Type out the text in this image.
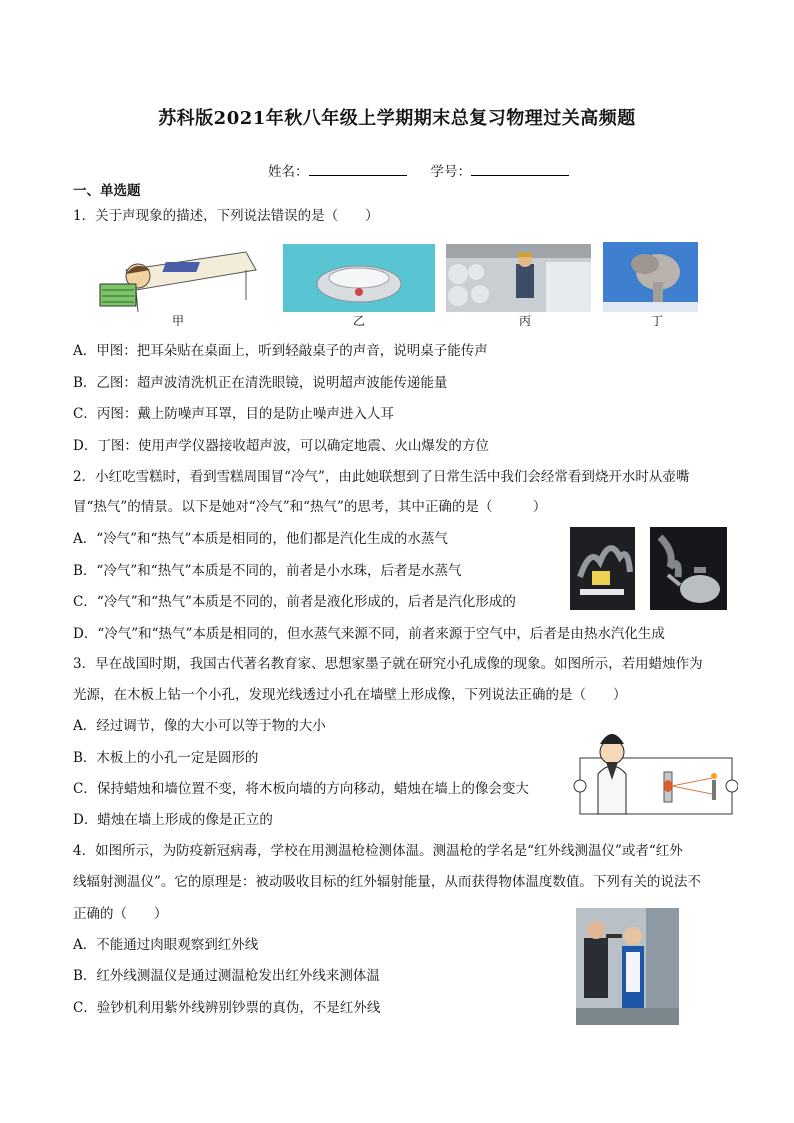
苏科版2021年秋八年级上学期期末总复习物理过关高频题
姓名：	学号：
一、单选题
1．关于声现象的描述，下列说法错误的是（　　）
甲	乙	丙	丁
A．甲图：把耳朵贴在桌面上，听到轻敲桌子的声音，说明桌子能传声
B．乙图：超声波清洗机正在清洗眼镜，说明超声波能传递能量
C．丙图：戴上防噪声耳罩，目的是防止噪声进入人耳
D．丁图：使用声学仪器接收超声波，可以确定地震、火山爆发的方位
2．小红吃雪糕时，看到雪糕周围冒“冷气”，由此她联想到了日常生活中我们会经常看到烧开水时从壶嘴
冒“热气”的情景。以下是她对“冷气”和“热气”的思考，其中正确的是（　　　）
A．“冷气”和“热气”本质是相同的，他们都是汽化生成的水蒸气
B．“冷气”和“热气”本质是不同的，前者是小水珠，后者是水蒸气
C．“冷气”和“热气”本质是不同的，前者是液化形成的，后者是汽化形成的
D．“冷气”和“热气”本质是相同的，但水蒸气来源不同，前者来源于空气中，后者是由热水汽化生成
3．早在战国时期，我国古代著名教育家、思想家墨子就在研究小孔成像的现象。如图所示，若用蜡烛作为
光源，在木板上钻一个小孔，发现光线透过小孔在墙壁上形成像，下列说法正确的是（　　）
A．经过调节，像的大小可以等于物的大小
B．木板上的小孔一定是圆形的
C．保持蜡烛和墙位置不变，将木板向墙的方向移动，蜡烛在墙上的像会变大
D．蜡烛在墙上形成的像是正立的
4．如图所示，为防疫新冠病毒，学校在用测温枪检测体温。测温枪的学名是“红外线测温仪”或者“红外
线辐射测温仪”。它的原理是：被动吸收目标的红外辐射能量，从而获得物体温度数值。下列有关的说法不
正确的（　　）
A．不能通过肉眼观察到红外线
B．红外线测温仪是通过测温枪发出红外线来测体温
C．验钞机利用紫外线辨别钞票的真伪，不是红外线
